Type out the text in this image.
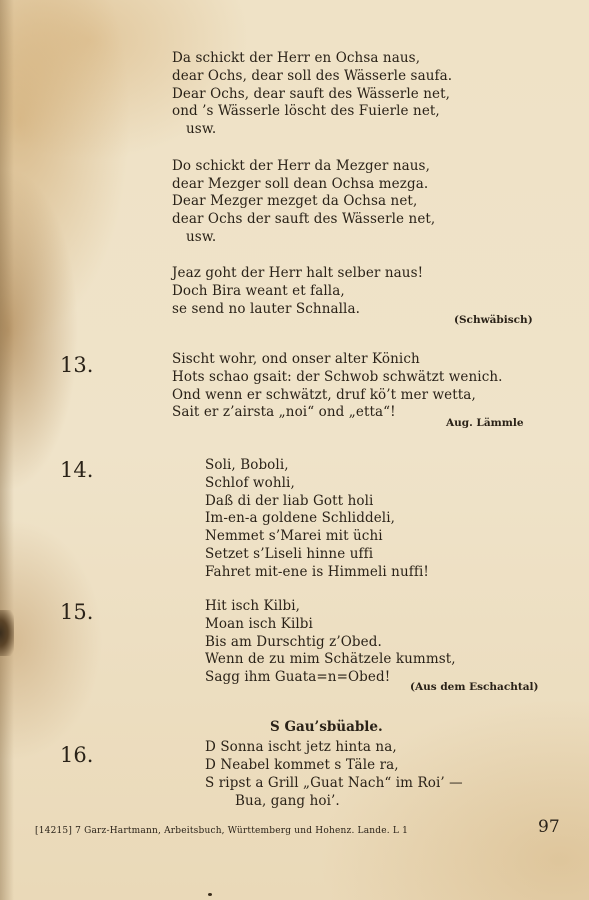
Da schickt der Herr en Ochsa naus,
dear Ochs, dear soll des Wässerle saufa.
Dear Ochs, dear sauft des Wässerle net,
ond ’s Wässerle löscht des Fuierle net,
usw.
Do schickt der Herr da Mezger naus,
dear Mezger soll dean Ochsa mezga.
Dear Mezger mezget da Ochsa net,
dear Ochs der sauft des Wässerle net,
usw.
Jeaz goht der Herr halt selber naus!
Doch Bira weant et falla,
se send no lauter Schnalla.
(Schwäbisch)
13.	Sischt wohr, ond onser alter Könich
Hots schao gsait: der Schwob schwätzt wenich.
Ond wenn er schwätzt, druf kö’t mer wetta,
Sait er z’airsta „noi“ ond „etta“!
Aug. Lämmle
14.	Soli, Boboli,
Schlof wohli,
Daß di der liab Gott holi
Im-en-a goldene Schliddeli,
Nemmet s’Marei mit üchi
Setzet s’Liseli hinne uffi
Fahret mit-ene is Himmeli nuffi!
15.	Hit isch Kilbi,
Moan isch Kilbi
Bis am Durschtig z’Obed.
Wenn de zu mim Schätzele kummst,
Sagg ihm Guata=n=Obed!
(Aus dem Eschachtal)
S Gau’sbüable.
16.	D Sonna ischt jetz hinta na,
D Neabel kommet s Täle ra,
S ripst a Grill „Guat Nach“ im Roi’ —
Bua, gang hoi’.
[14215] 7 Garz-Hartmann, Arbeitsbuch, Württemberg und Hohenz. Lande. L 1	97
